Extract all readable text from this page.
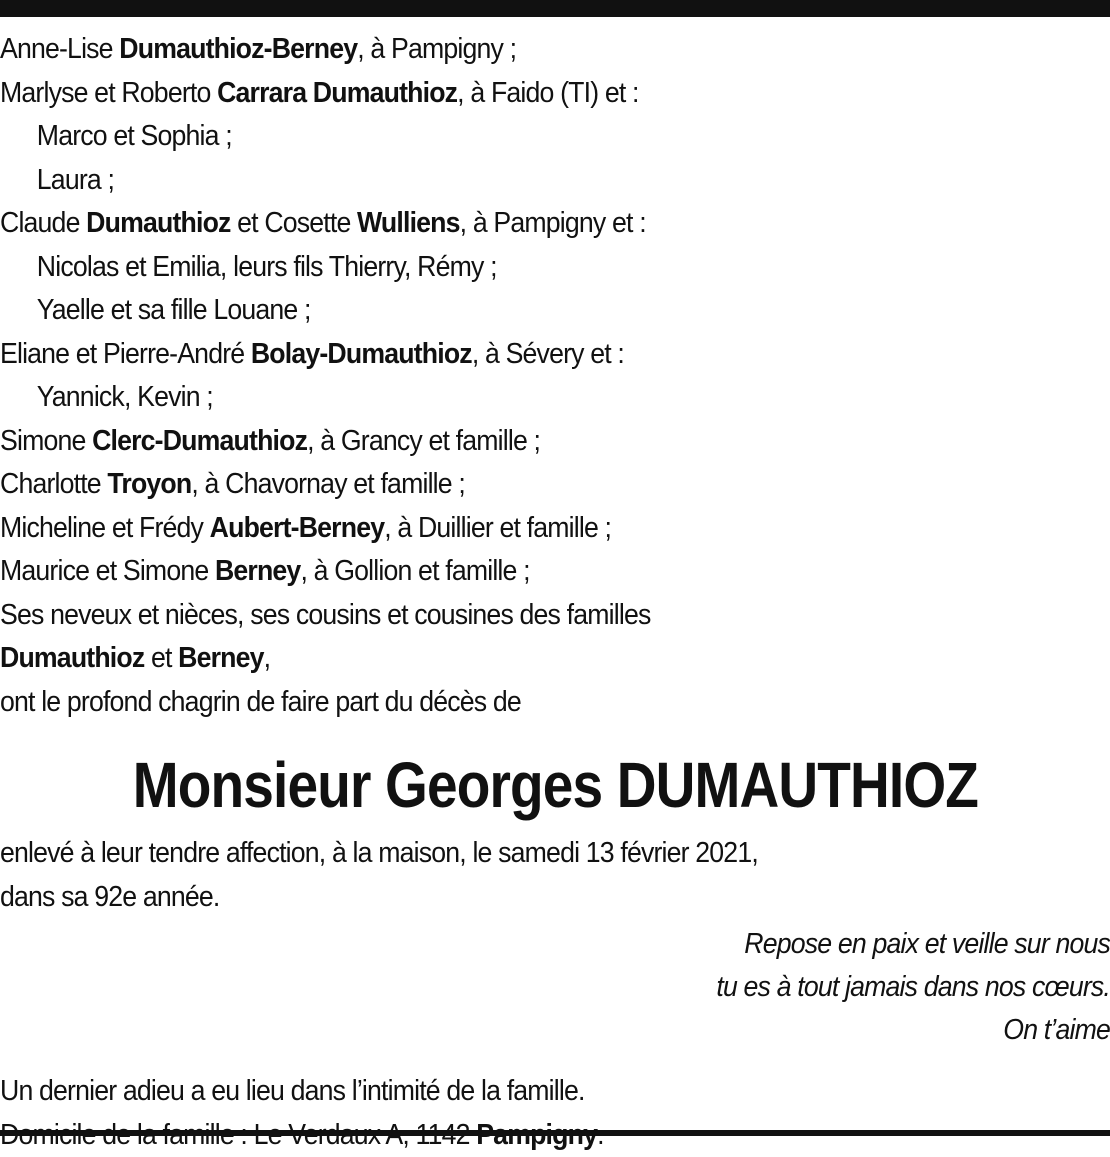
Anne-Lise Dumauthioz-Berney, à Pampigny ;
Marlyse et Roberto Carrara Dumauthioz, à Faido (TI) et :
Marco et Sophia ;
Laura ;
Claude Dumauthioz et Cosette Wulliens, à Pampigny et :
Nicolas et Emilia, leurs fils Thierry, Rémy ;
Yaelle et sa fille Louane ;
Eliane et Pierre-André Bolay-Dumauthioz, à Sévery et :
Yannick, Kevin ;
Simone Clerc-Dumauthioz, à Grancy et famille ;
Charlotte Troyon, à Chavornay et famille ;
Micheline et Frédy Aubert-Berney, à Duillier et famille ;
Maurice et Simone Berney, à Gollion et famille ;
Ses neveux et nièces, ses cousins et cousines des familles
Dumauthioz et Berney,
ont le profond chagrin de faire part du décès de
Monsieur Georges DUMAUTHIOZ
enlevé à leur tendre affection, à la maison, le samedi 13 février 2021,
dans sa 92e année.
Repose en paix et veille sur nous
tu es à tout jamais dans nos cœurs.
On t’aime
Un dernier adieu a eu lieu dans l’intimité de la famille.
